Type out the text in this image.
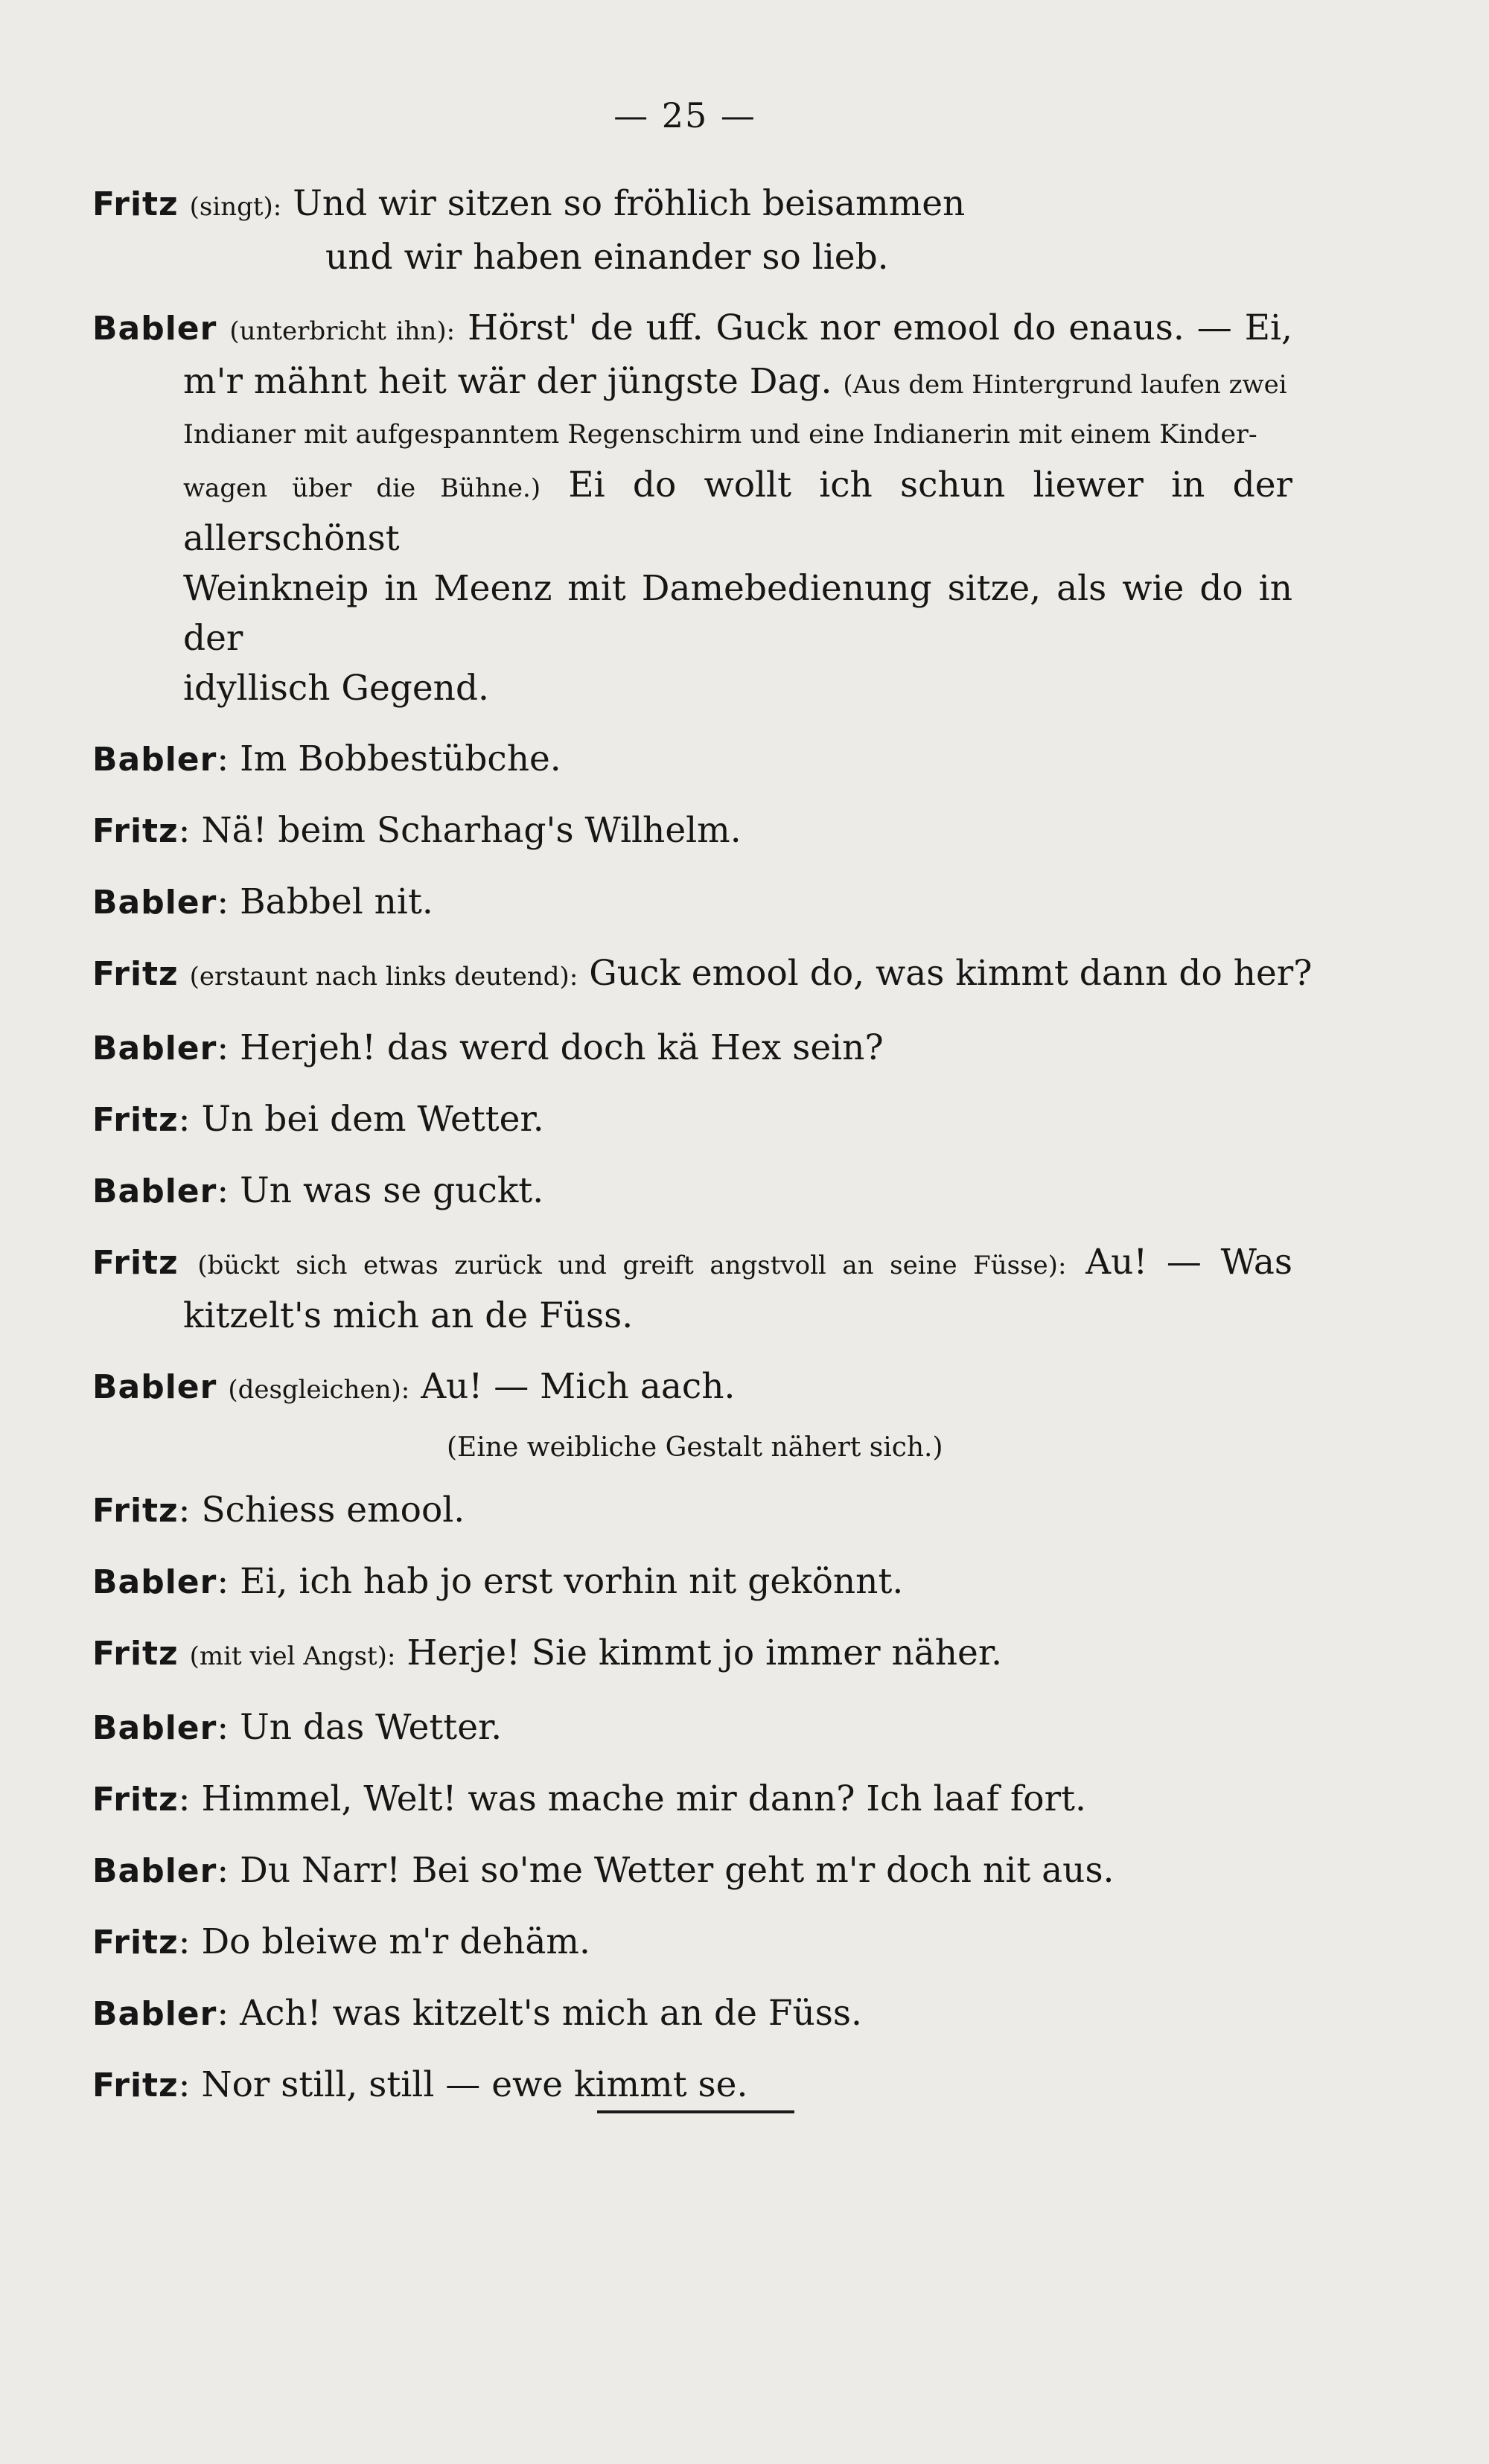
— 25 —
Fritz (singt): Und wir sitzen so fröhlich beisammen
und wir haben einander so lieb.
Babler (unterbricht ihn): Hörst' de uff. Guck nor emool do enaus. — Ei,
m'r mähnt heit wär der jüngste Dag. (Aus dem Hintergrund laufen zwei
Indianer mit aufgespanntem Regenschirm und eine Indianerin mit einem Kinder-
wagen über die Bühne.) Ei do wollt ich schun liewer in der allerschönst
Weinkneip in Meenz mit Damebedienung sitze, als wie do in der
idyllisch Gegend.
Babler: Im Bobbestübche.
Fritz: Nä! beim Scharhag's Wilhelm.
Babler: Babbel nit.
Fritz (erstaunt nach links deutend): Guck emool do, was kimmt dann do her?
Babler: Herjeh! das werd doch kä Hex sein?
Fritz: Un bei dem Wetter.
Babler: Un was se guckt.
Fritz (bückt sich etwas zurück und greift angstvoll an seine Füsse): Au! — Was
kitzelt's mich an de Füss.
Babler (desgleichen): Au! — Mich aach.
(Eine weibliche Gestalt nähert sich.)
Fritz: Schiess emool.
Babler: Ei, ich hab jo erst vorhin nit gekönnt.
Fritz (mit viel Angst): Herje! Sie kimmt jo immer näher.
Babler: Un das Wetter.
Fritz: Himmel, Welt! was mache mir dann? Ich laaf fort.
Babler: Du Narr! Bei so'me Wetter geht m'r doch nit aus.
Fritz: Do bleiwe m'r dehäm.
Babler: Ach! was kitzelt's mich an de Füss.
Fritz: Nor still, still — ewe kimmt se.
